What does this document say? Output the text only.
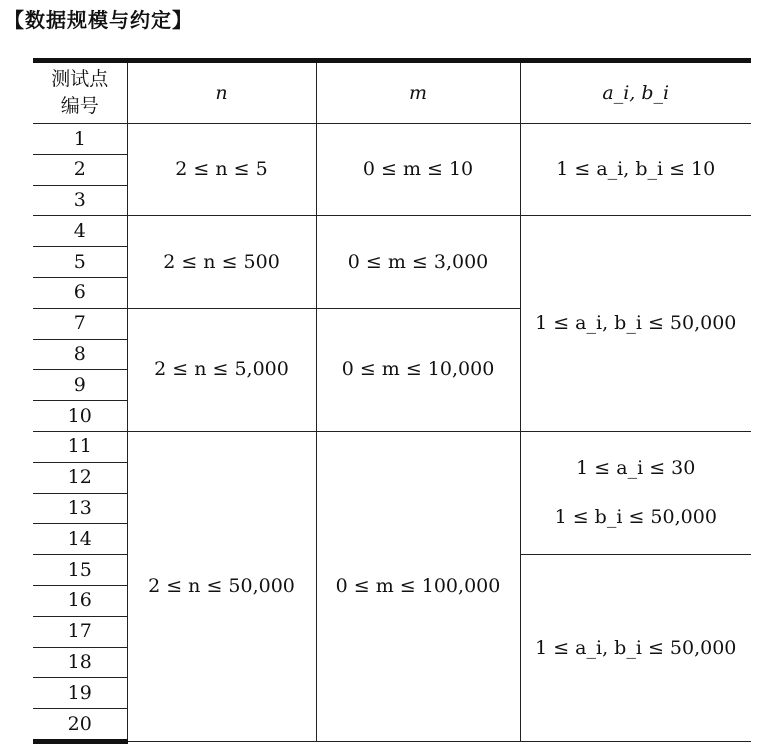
【数据规模与约定】
测试点
编号	n	m	a_i, b_i
1	2 ≤ n ≤ 5	0 ≤ m ≤ 10	1 ≤ a_i, b_i ≤ 10
2			
3			
4	2 ≤ n ≤ 500	0 ≤ m ≤ 3,000	1 ≤ a_i, b_i ≤ 50,000
5			
6			
7	2 ≤ n ≤ 5,000	0 ≤ m ≤ 10,000	
8			
9			
10			
11	2 ≤ n ≤ 50,000	0 ≤ m ≤ 100,000	1 ≤ a_i ≤ 30
1 ≤ b_i ≤ 50,000

12			
13			
14			
15			1 ≤ a_i, b_i ≤ 50,000
16			
17			
18			
19			
20			
